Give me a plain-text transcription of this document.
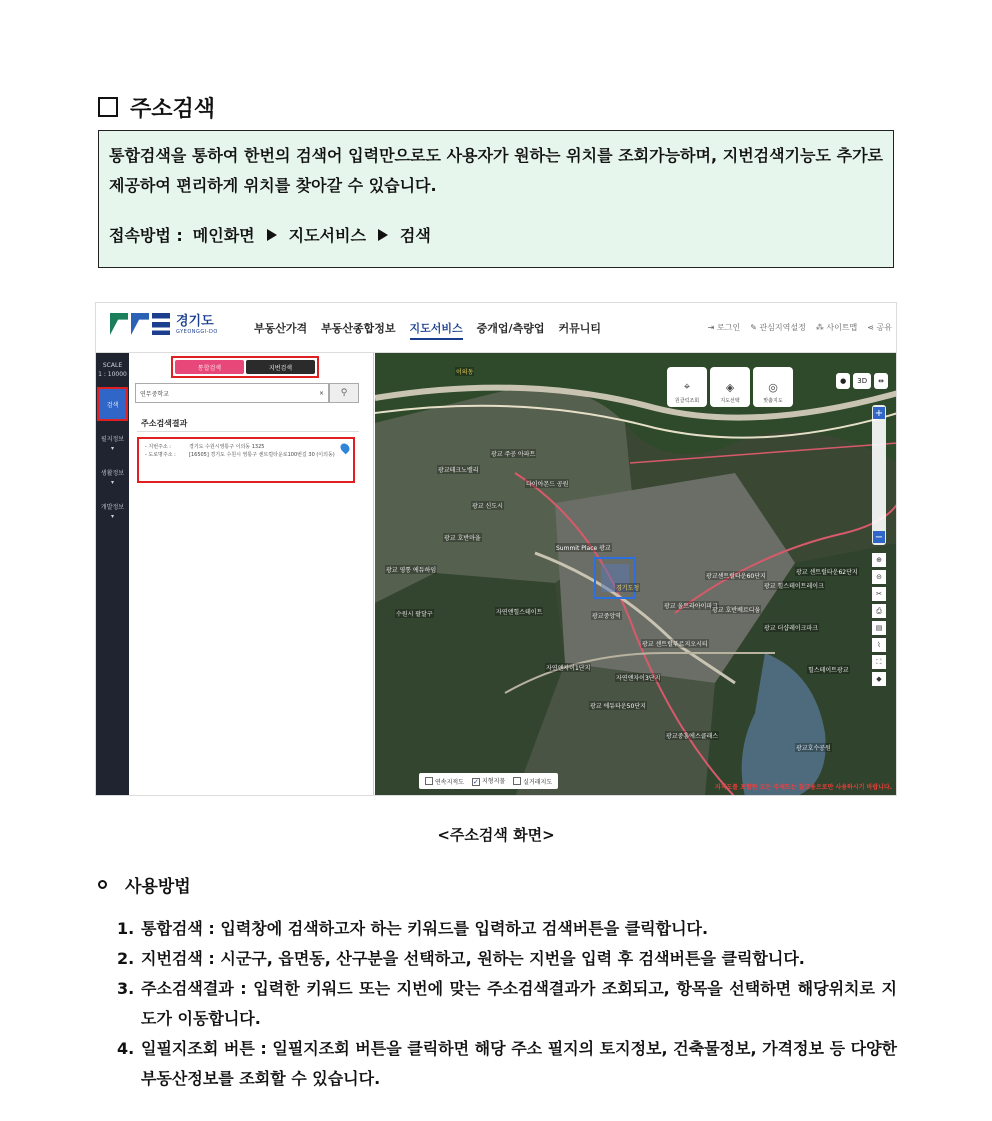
주소검색

통합검색을 통하여 한번의 검색어 입력만으로도 사용자가 원하는 위치를 조회가능하며, 지번검색기능도 추가로 제공하여 편리하게 위치를 찾아갈 수 있습니다.

접속방법 : 메인화면 지도서비스 검색
경기도
GYEONGGI-DO	부동산가격 부동산종합정보 지도서비스 중개업/측량업 커뮤니티	⇥ 로그인 ✎ 관심지역설정 ⁂ 사이트맵 ⋖ 공유
SCALE
1 : 10000
검색
필지정보
▾
생활정보
▾
개발정보
▾
통합검색	지번검색
연무중학교	× ⚲
주소검색결과
- 지번주소 :	경기도 수원시영통구 이의동 1325
- 도로명주소 :	[16505] 경기도 수원시 영통구 센트럴타운로100번길 30 (이의동)
이의동
광교테크노밸리
광교 주공 아파트
다이아몬드 공원
광교 신도시
광교 호반마을
Summit Place 광교
경기도청
광교중앙역
광교센트럴타운60단지
광교 힐스테이트레이크
광교 더샵레이크파크
광교 센트럴푸르지오시티
자연앤자이1단지
자연앤힐스테이트
광교호수공원
수원시 팔달구
자연앤자이3단지
광교 에듀타운50단지
광교중흥에스클래스
힐스테이트광교
광교 울트라아이파크
광교 영통 에듀하임	광교 센트럴타운62단지
광교 호반베르디움
⌖
원클릭조회
◈
지도선택
◎
맞춤지도
●	3D	⇹
+
−
⊕
⊝
✂
⎙
▤
⌇
⛶
◆
연속지적도 ✓ 지형지물	실거래지도
지적도를 포함한 모든 주제도는 참고용으로만 사용하시기 바랍니다.
<주소검색 화면>
사용방법
1. 통합검색 : 입력창에 검색하고자 하는 키워드를 입력하고 검색버튼을 클릭합니다.
2. 지번검색 : 시군구, 읍면동, 산구분을 선택하고, 원하는 지번을 입력 후 검색버튼을 클릭합니다.
3. 주소검색결과 : 입력한 키워드 또는 지번에 맞는 주소검색결과가 조회되고, 항목을 선택하면 해당위치로 지도가 이동합니다.
4. 일필지조회 버튼 : 일필지조회 버튼을 클릭하면 해당 주소 필지의 토지정보, 건축물정보, 가격정보 등 다양한 부동산정보를 조회할 수 있습니다.
